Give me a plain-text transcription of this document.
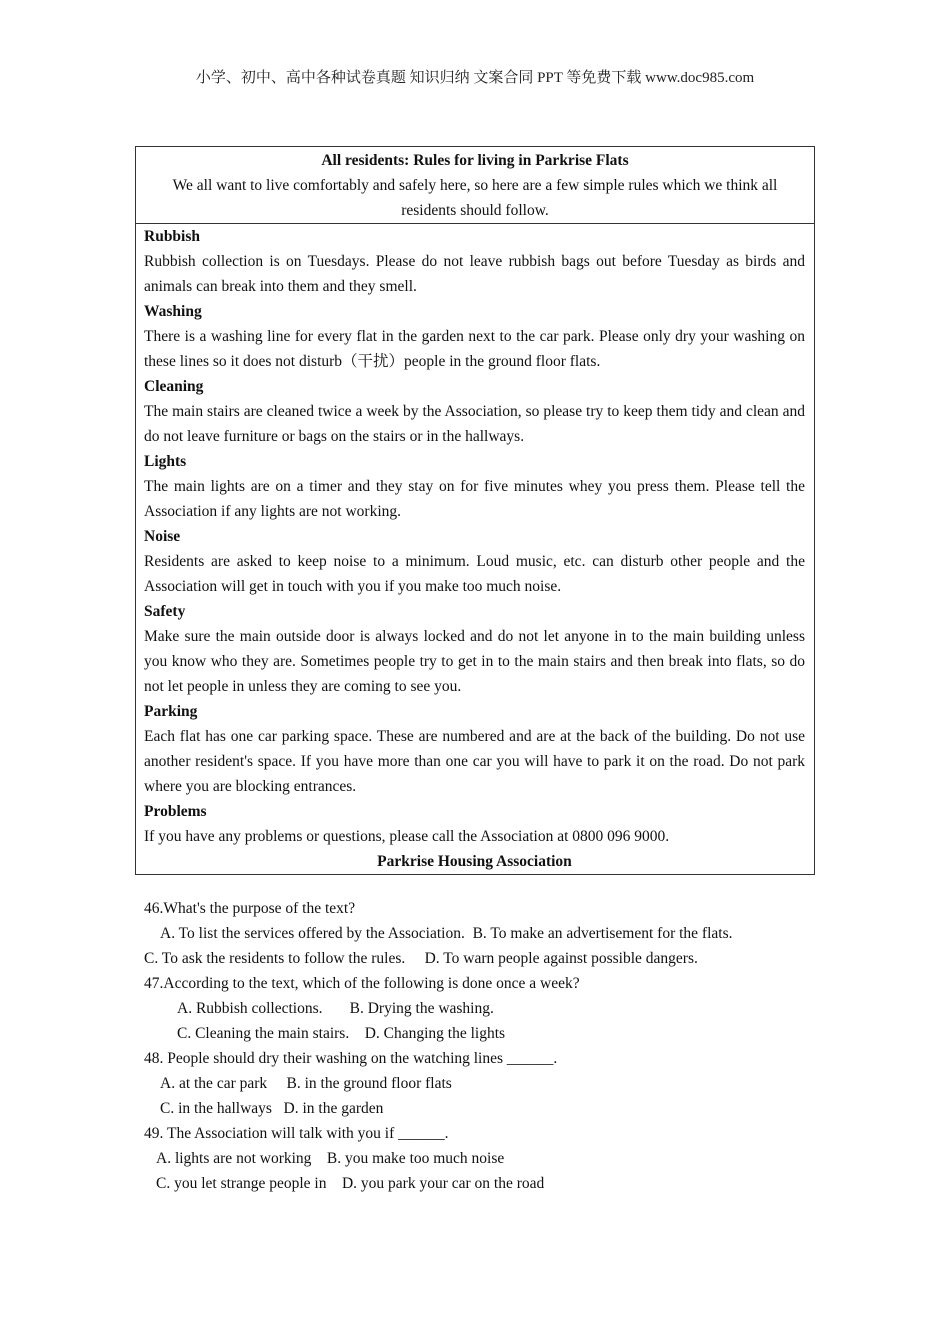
小学、初中、高中各种试卷真题 知识归纳 文案合同 PPT 等免费下载 www.doc985.com
All residents: Rules for living in Parkrise Flats
We all want to live comfortably and safely here, so here are a few simple rules which we think all residents should follow.
Rubbish
Rubbish collection is on Tuesdays. Please do not leave rubbish bags out before Tuesday as birds and animals can break into them and they smell.
Washing
There is a washing line for every flat in the garden next to the car park. Please only dry your washing on these lines so it does not disturb（干扰）people in the ground floor flats.
Cleaning
The main stairs are cleaned twice a week by the Association, so please try to keep them tidy and clean and do not leave furniture or bags on the stairs or in the hallways.
Lights
The main lights are on a timer and they stay on for five minutes whey you press them. Please tell the Association if any lights are not working.
Noise
Residents are asked to keep noise to a minimum. Loud music, etc. can disturb other people and the Association will get in touch with you if you make too much noise.
Safety
Make sure the main outside door is always locked and do not let anyone in to the main building unless you know who they are. Sometimes people try to get in to the main stairs and then break into flats, so do not let people in unless they are coming to see you.
Parking
Each flat has one car parking space. These are numbered and are at the back of the building. Do not use another resident's space. If you have more than one car you will have to park it on the road. Do not park where you are blocking entrances.
Problems
If you have any problems or questions, please call the Association at 0800 096 9000.
Parkrise Housing Association
46.What's the purpose of the text?
A. To list the services offered by the Association.  B. To make an advertisement for the flats.
C. To ask the residents to follow the rules.     D. To warn people against possible dangers.
47.According to the text, which of the following is done once a week?
A. Rubbish collections.       B. Drying the washing.
C. Cleaning the main stairs.    D. Changing the lights
48. People should dry their washing on the watching lines ______.
A. at the car park     B. in the ground floor flats
C. in the hallways   D. in the garden
49. The Association will talk with you if ______.
A. lights are not working    B. you make too much noise
C. you let strange people in    D. you park your car on the road
